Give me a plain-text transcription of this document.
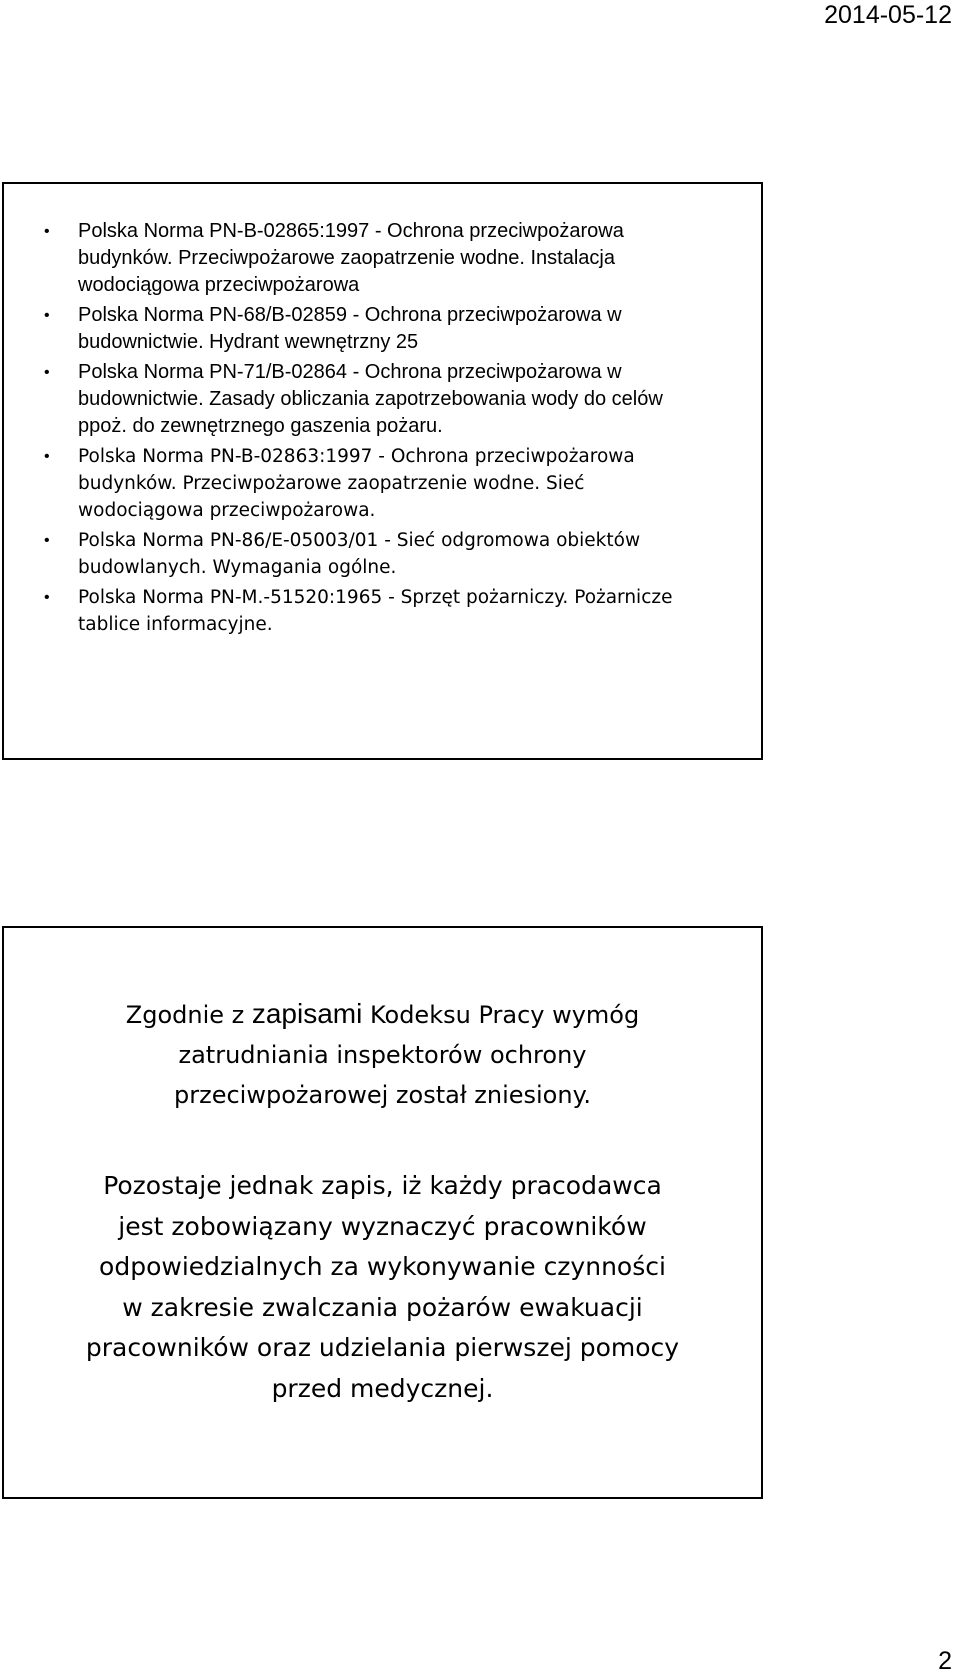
2014-05-12
• Polska Norma PN-B-02865:1997 - Ochrona przeciwpożarowa
budynków. Przeciwpożarowe zaopatrzenie wodne. Instalacja
wodociągowa przeciwpożarowa
• Polska Norma PN-68/B-02859 - Ochrona przeciwpożarowa w
budownictwie. Hydrant wewnętrzny 25
• Polska Norma PN-71/B-02864 - Ochrona przeciwpożarowa w
budownictwie. Zasady obliczania zapotrzebowania wody do celów
ppoż. do zewnętrznego gaszenia pożaru.
• Polska Norma PN-B-02863:1997 - Ochrona przeciwpożarowa
budynków. Przeciwpożarowe zaopatrzenie wodne. Sieć
wodociągowa przeciwpożarowa.
• Polska Norma PN-86/E-05003/01 - Sieć odgromowa obiektów
budowlanych. Wymagania ogólne.
• Polska Norma PN-M.-51520:1965 - Sprzęt pożarniczy. Pożarnicze
tablice informacyjne.
Zgodnie z zapisami Kodeksu Pracy wymóg
zatrudniania inspektorów ochrony
przeciwpożarowej został zniesiony.
Pozostaje jednak zapis, iż każdy pracodawca
jest zobowiązany wyznaczyć pracowników
odpowiedzialnych za wykonywanie czynności
w zakresie zwalczania pożarów ewakuacji
pracowników oraz udzielania pierwszej pomocy
przed medycznej.
2
